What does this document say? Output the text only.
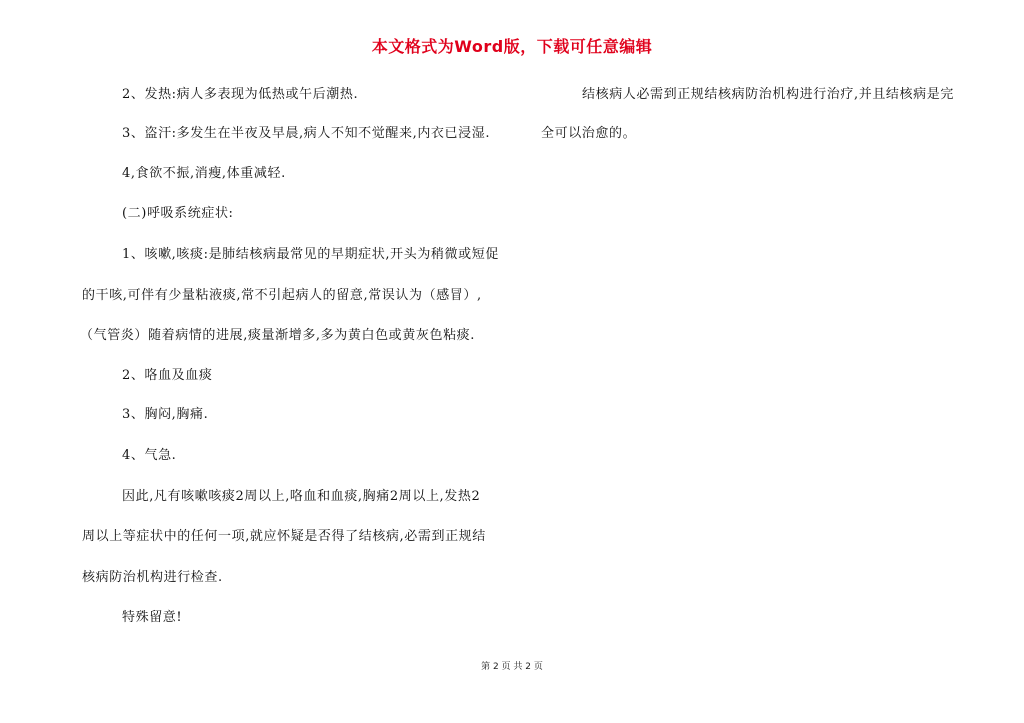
本文格式为Word版，下载可任意编辑
2、发热:病人多表现为低热或午后潮热.
3、盗汗:多发生在半夜及早晨,病人不知不觉醒来,内衣已浸湿.
4,食欲不振,消瘦,体重减轻.
(二)呼吸系统症状:
1、咳嗽,咳痰:是肺结核病最常见的早期症状,开头为稍微或短促
的干咳,可伴有少量粘液痰,常不引起病人的留意,常误认为（感冒）,
（气管炎）随着病情的进展,痰量渐增多,多为黄白色或黄灰色粘痰.
2、咯血及血痰
3、胸闷,胸痛.
4、气急.
因此,凡有咳嗽咳痰2周以上,咯血和血痰,胸痛2周以上,发热2
周以上等症状中的任何一项,就应怀疑是否得了结核病,必需到正规结
核病防治机构进行检查.
特殊留意!
结核病人必需到正规结核病防治机构进行治疗,并且结核病是完
全可以治愈的。
第 2 页 共 2 页
